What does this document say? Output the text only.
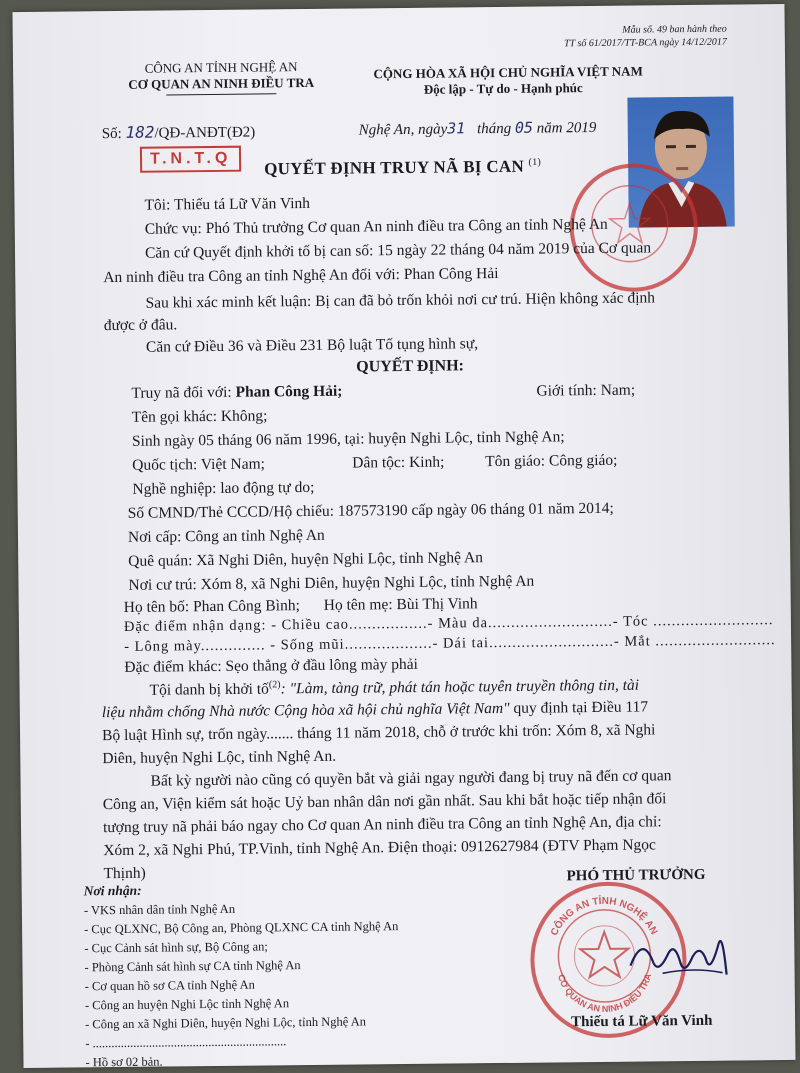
Mẫu số. 49 ban hành theo
TT số 61/2017/TT-BCA ngày 14/12/2017
CÔNG AN TỈNH NGHỆ AN
CƠ QUAN AN NINH ĐIỀU TRA
CỘNG HÒA XÃ HỘI CHỦ NGHĨA VIỆT NAM
Độc lập - Tự do - Hạnh phúc
Số: 182/QĐ-ANĐT(Đ2)	Nghệ An, ngày31 tháng 05 năm 2019
T.N.T.Q	QUYẾT ĐỊNH TRUY NÃ BỊ CAN $^{(1)}$
Tôi: Thiếu tá Lữ Văn Vinh
Chức vụ: Phó Thủ trưởng Cơ quan An ninh điều tra Công an tỉnh Nghệ An
Căn cứ Quyết định khởi tố bị can số: 15 ngày 22 tháng 04 năm 2019 của Cơ quan
An ninh điều tra Công an tỉnh Nghệ An đối với: Phan Công Hải
Sau khi xác minh kết luận: Bị can đã bỏ trốn khỏi nơi cư trú. Hiện không xác định
được ở đâu.
Căn cứ Điều 36 và Điều 231 Bộ luật Tố tụng hình sự,
QUYẾT ĐỊNH:
Truy nã đối với: Phan Công Hải;	Giới tính: Nam;
Tên gọi khác: Không;
Sinh ngày 05 tháng 06 năm 1996, tại: huyện Nghi Lộc, tỉnh Nghệ An;
Quốc tịch: Việt Nam;	Dân tộc: Kinh;	Tôn giáo: Công giáo;
Nghề nghiệp: lao động tự do;
Số CMND/Thẻ CCCD/Hộ chiếu: 187573190 cấp ngày 06 tháng 01 năm 2014;
Nơi cấp: Công an tỉnh Nghệ An
Quê quán: Xã Nghi Diên, huyện Nghi Lộc, tỉnh Nghệ An
Nơi cư trú: Xóm 8, xã Nghi Diên, huyện Nghi Lộc, tỉnh Nghệ An
Họ tên bố: Phan Công Bình; Họ tên mẹ: Bùi Thị Vinh
Đặc điểm nhận dạng: - Chiều cao.................- Màu da...........................- Tóc ..........................
- Lông mày.............. - Sống mũi...................- Dái tai...........................- Mắt ..........................
Đặc điểm khác: Sẹo thẳng ở đầu lông mày phải
Tội danh bị khởi tố$^{(2)}$: "Làm, tàng trữ, phát tán hoặc tuyên truyền thông tin, tài
liệu nhằm chống Nhà nước Cộng hòa xã hội chủ nghĩa Việt Nam" quy định tại Điều 117
Bộ luật Hình sự, trốn ngày....... tháng 11 năm 2018, chỗ ở trước khi trốn: Xóm 8, xã Nghi
Diên, huyện Nghi Lộc, tỉnh Nghệ An.
Bất kỳ người nào cũng có quyền bắt và giải ngay người đang bị truy nã đến cơ quan
Công an, Viện kiểm sát hoặc Uỷ ban nhân dân nơi gần nhất. Sau khi bắt hoặc tiếp nhận đối
tượng truy nã phải báo ngay cho Cơ quan An ninh điều tra Công an tỉnh Nghệ An, địa chỉ:
Xóm 2, xã Nghi Phú, TP.Vinh, tỉnh Nghệ An. Điện thoại: 0912627984 (ĐTV Phạm Ngọc
Thịnh)
Nơi nhận:
- VKS nhân dân tỉnh Nghệ An
- Cục QLXNC, Bộ Công an, Phòng QLXNC CA tỉnh Nghệ An
- Cục Cảnh sát hình sự, Bộ Công an;
- Phòng Cảnh sát hình sự CA tỉnh Nghệ An
- Cơ quan hồ sơ CA tỉnh Nghệ An
- Công an huyện Nghi Lộc tỉnh Nghệ An
- Công an xã Nghi Diên, huyện Nghi Lộc, tỉnh Nghệ An
- ..............................................................
- Hồ sơ 02 bản.
PHÓ THỦ TRƯỞNG
CÔNG AN TỈNH NGHỆ AN
CƠ QUAN AN NINH ĐIỀU TRA
Thiếu tá Lữ Văn Vinh
